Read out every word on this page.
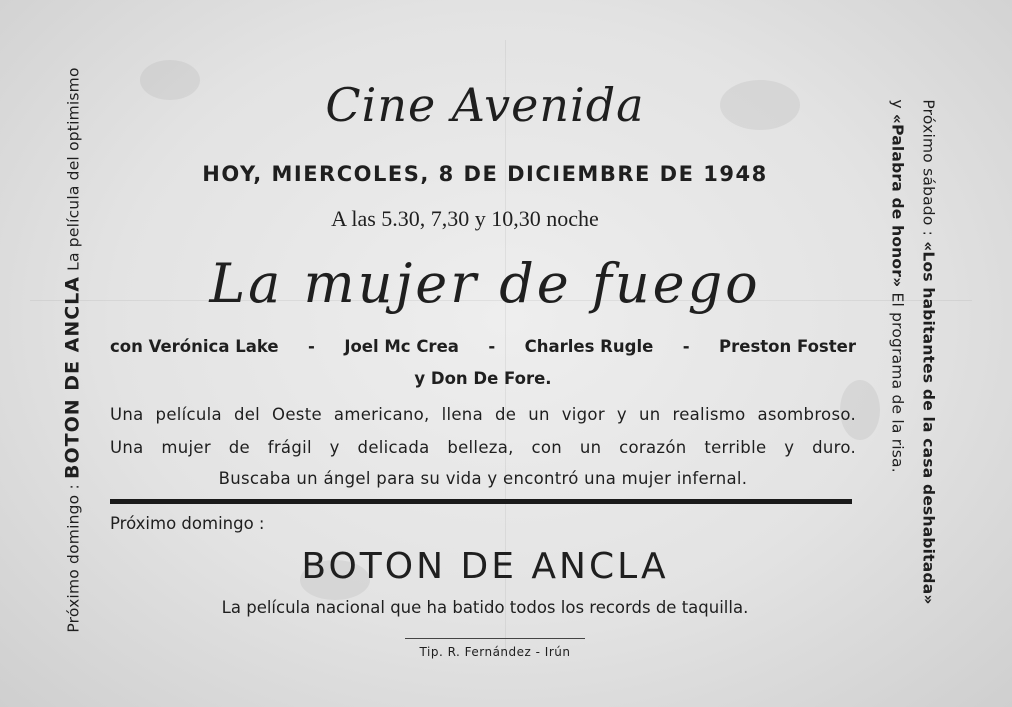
Próximo domingo : BOTON DE ANCLA La película del optimismo	Próximo sábado : «Los habitantes de la casa deshabitada»
y «Palabra de honor» El programa de la risa.
Cine Avenida
HOY, MIERCOLES, 8 DE DICIEMBRE DE 1948
A las 5.30, 7,30 y 10,30 noche
La mujer de fuego
con Verónica Lake - Joel Mc Crea - Charles Rugle - Preston Foster
y Don De Fore.
Una película del Oeste americano, llena de un vigor y un realismo asombroso.
Una mujer de frágil y delicada belleza, con un corazón terrible y duro.
Buscaba un ángel para su vida y encontró una mujer infernal.
Próximo domingo :
BOTON DE ANCLA
La película nacional que ha batido todos los records de taquilla.
Tip. R. Fernández - Irún
